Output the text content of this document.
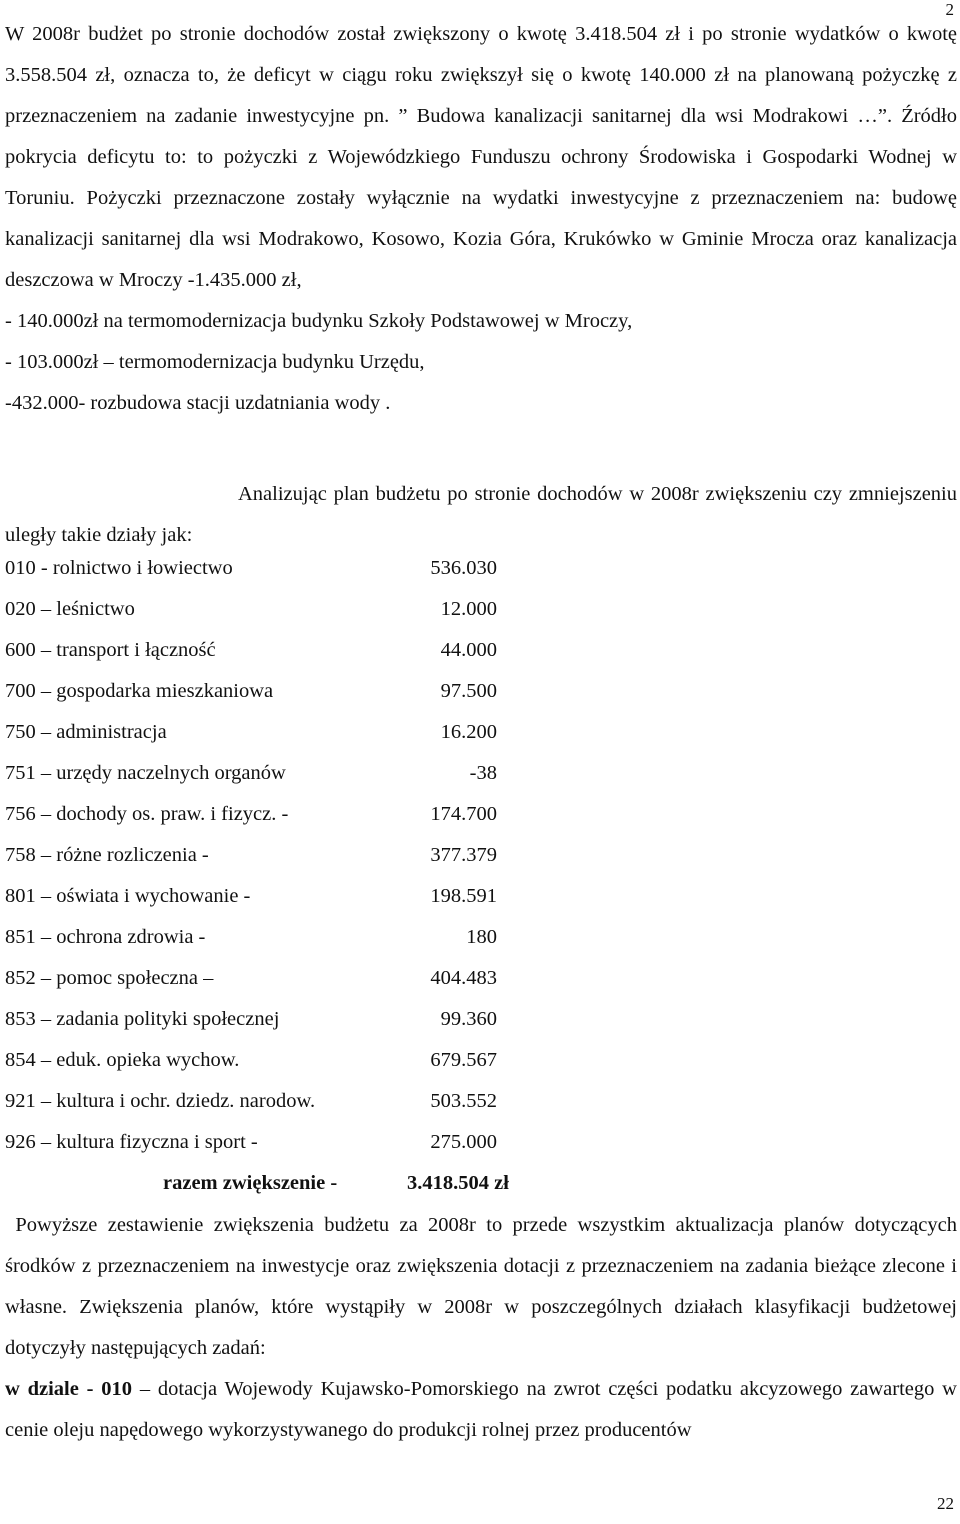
2

W 2008r budżet po stronie dochodów został zwiększony o kwotę 3.418.504 zł i po stronie wydatków o kwotę 3.558.504 zł, oznacza to, że deficyt w ciągu roku zwiększył się o kwotę 140.000 zł na planowaną pożyczkę z przeznaczeniem na zadanie inwestycyjne pn. ” Budowa kanalizacji sanitarnej dla wsi Modrakowi …”. Źródło pokrycia deficytu to: to pożyczki z Wojewódzkiego Funduszu ochrony Środowiska i Gospodarki Wodnej w Toruniu. Pożyczki przeznaczone zostały wyłącznie na wydatki inwestycyjne z przeznaczeniem na: budowę kanalizacji sanitarnej dla wsi Modrakowo, Kosowo, Kozia Góra, Krukówko w Gminie Mrocza oraz kanalizacja deszczowa w Mroczy -1.435.000 zł,
- 140.000zł na termomodernizacja budynku Szkoły Podstawowej w Mroczy,
- 103.000zł – termomodernizacja budynku Urzędu,
-432.000- rozbudowa stacji uzdatniania wody .

Analizując plan budżetu po stronie dochodów w 2008r zwiększeniu czy zmniejszeniu uległy takie działy jak:

010 - rolnictwo i łowiectwo	536.030
020 – leśnictwo	12.000
600 – transport i łączność	44.000
700 – gospodarka mieszkaniowa	97.500
750 – administracja	16.200
751 – urzędy naczelnych organów	-38
756 – dochody os. praw. i fizycz. -	174.700
758 – różne rozliczenia -	377.379
801 – oświata i wychowanie -	198.591
851 – ochrona zdrowia -	180
852 – pomoc społeczna –	404.483
853 – zadania polityki społecznej	99.360
854 – eduk. opieka wychow.	679.567
921 – kultura i ochr. dziedz. narodow.	503.552
926 – kultura fizyczna i sport -	275.000
razem zwiększenie -	3.418.504 zł

Powyższe zestawienie zwiększenia budżetu za 2008r to przede wszystkim aktualizacja planów dotyczących środków z przeznaczeniem na inwestycje oraz zwiększenia dotacji z przeznaczeniem na zadania bieżące zlecone i własne. Zwiększenia planów, które wystąpiły w 2008r w poszczególnych działach klasyfikacji budżetowej dotyczyły następujących zadań:
w dziale - 010 – dotacja Wojewody Kujawsko-Pomorskiego na zwrot części podatku akcyzowego zawartego w cenie oleju napędowego wykorzystywanego do produkcji rolnej przez producentów

22
